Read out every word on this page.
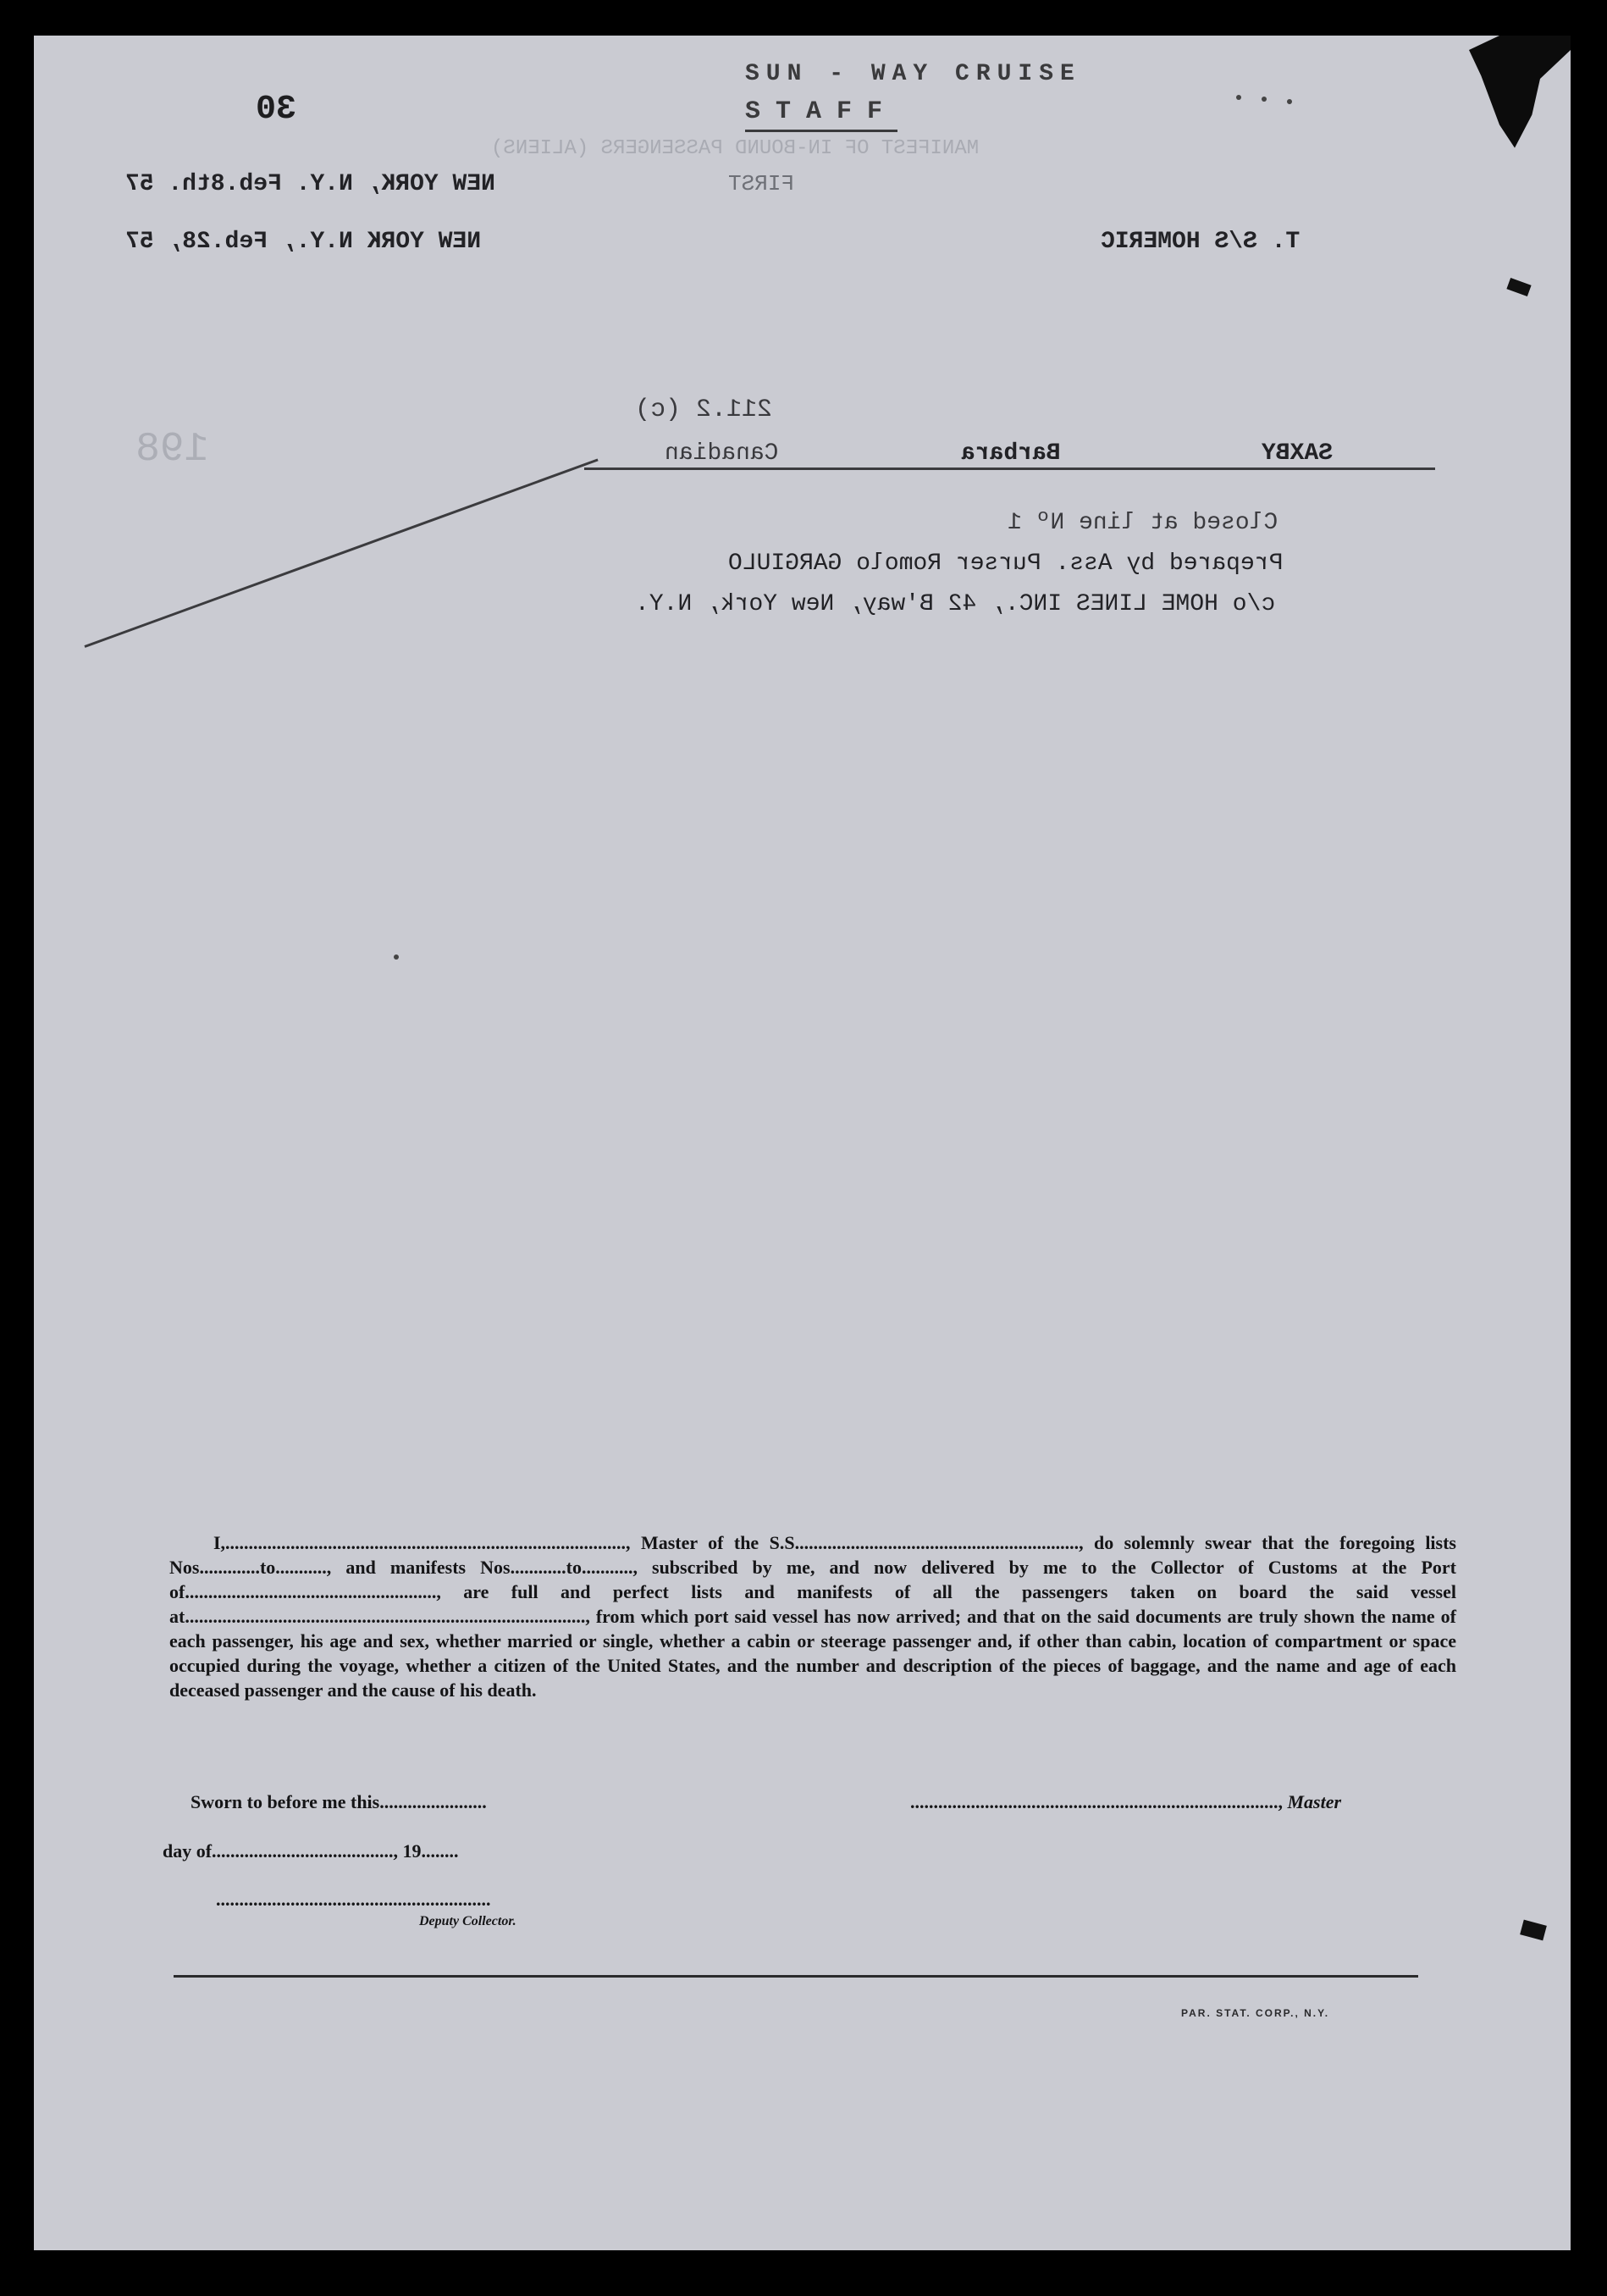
30
SUN - WAY CRUISE
STAFF
MANIFEST OF IN-BOUND PASSENGERS (ALIENS)
FIRST
NEW YORK, N.Y. Feb.8th. 57
NEW YORK N.Y., Feb.28, 57	T. S/S HOMERIC
198
211.2 (c)
SAXBY
Barbara
Canadian
Closed at line Nº 1
Prepared by Ass. Purser Romolo GARGIULO
c/o HOME LINES INC., 42 B'way, New York, N.Y.

I,......................................................................................, Master of the S.S............................................................., do solemnly swear that the foregoing lists Nos.............to..........., and manifests Nos............to..........., subscribed by me, and now delivered by me to the Collector of Customs at the Port of......................................................, are full and perfect lists and manifests of all the passengers taken on board the said vessel at......................................................................................, from which port said vessel has now arrived; and that on the said documents are truly shown the name of each passenger, his age and sex, whether married or single, whether a cabin or steerage passenger and, if other than cabin, location of compartment or space occupied during the voyage, whether a citizen of the United States, and the number and description of the pieces of baggage, and the name and age of each deceased passenger and the cause of his death.

Sworn to before me this.......................	..............................................................................., Master
day of......................................., 19........
...........................................................
Deputy Collector.
PAR. STAT. CORP., N.Y.
